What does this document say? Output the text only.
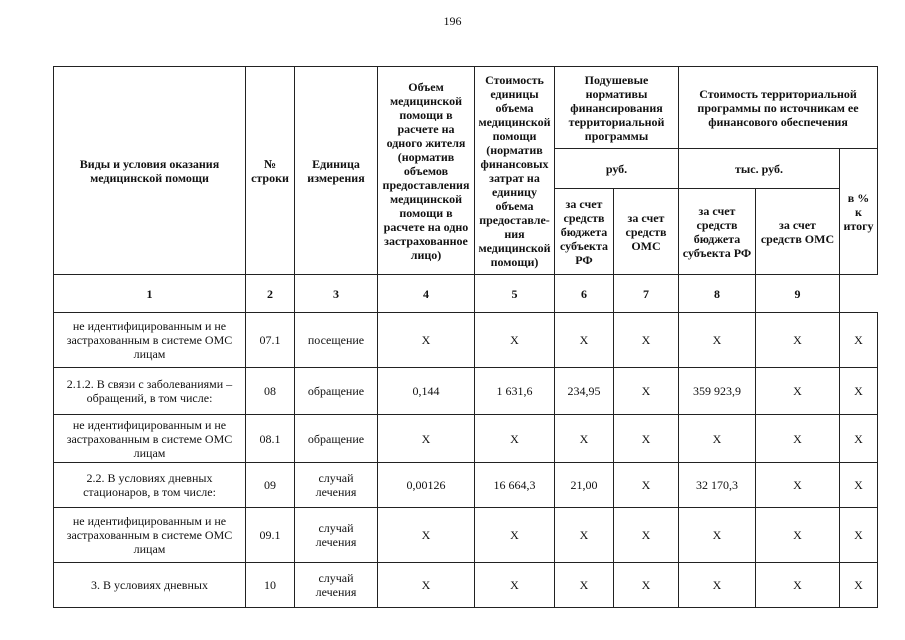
196
Виды и условия оказания медицинской помощи	№ строки	Единица измерения	Объем медицинской помощи в расчете на одного жителя (норматив объемов предоставления медицинской помощи в расчете на одно застрахованное лицо)	Стоимость единицы объема медицинской помощи (норматив финансовых затрат на единицу объема предоставле-ния медицинской помощи)	Подушевые нормативы финансирования территориальной программы		Стоимость территориальной программы по источникам ее финансового обеспечения		
					руб.		тыс. руб.		в % к итогу
					за счет средств бюджета субъекта РФ	за счет средств ОМС	за счет средств бюджета субъекта РФ	за счет средств ОМС	
1	2	3	4	5	6	7	8	9	
не идентифицированным и не застрахованным в системе ОМС лицам	07.1	посещение	X	X	X	X	X	X	X
2.1.2. В связи с заболеваниями – обращений, в том числе:	08	обращение	0,144	1 631,6	234,95	X	359 923,9	X	X
не идентифицированным и не застрахованным в системе ОМС лицам	08.1	обращение	X	X	X	X	X	X	X
2.2. В условиях дневных стационаров, в том числе:	09	случай лечения	0,00126	16 664,3	21,00	X	32 170,3	X	X
не идентифицированным и не застрахованным в системе ОМС лицам	09.1	случай лечения	X	X	X	X	X	X	X
3. В условиях дневных	10	случай лечения	X	X	X	X	X	X	X
